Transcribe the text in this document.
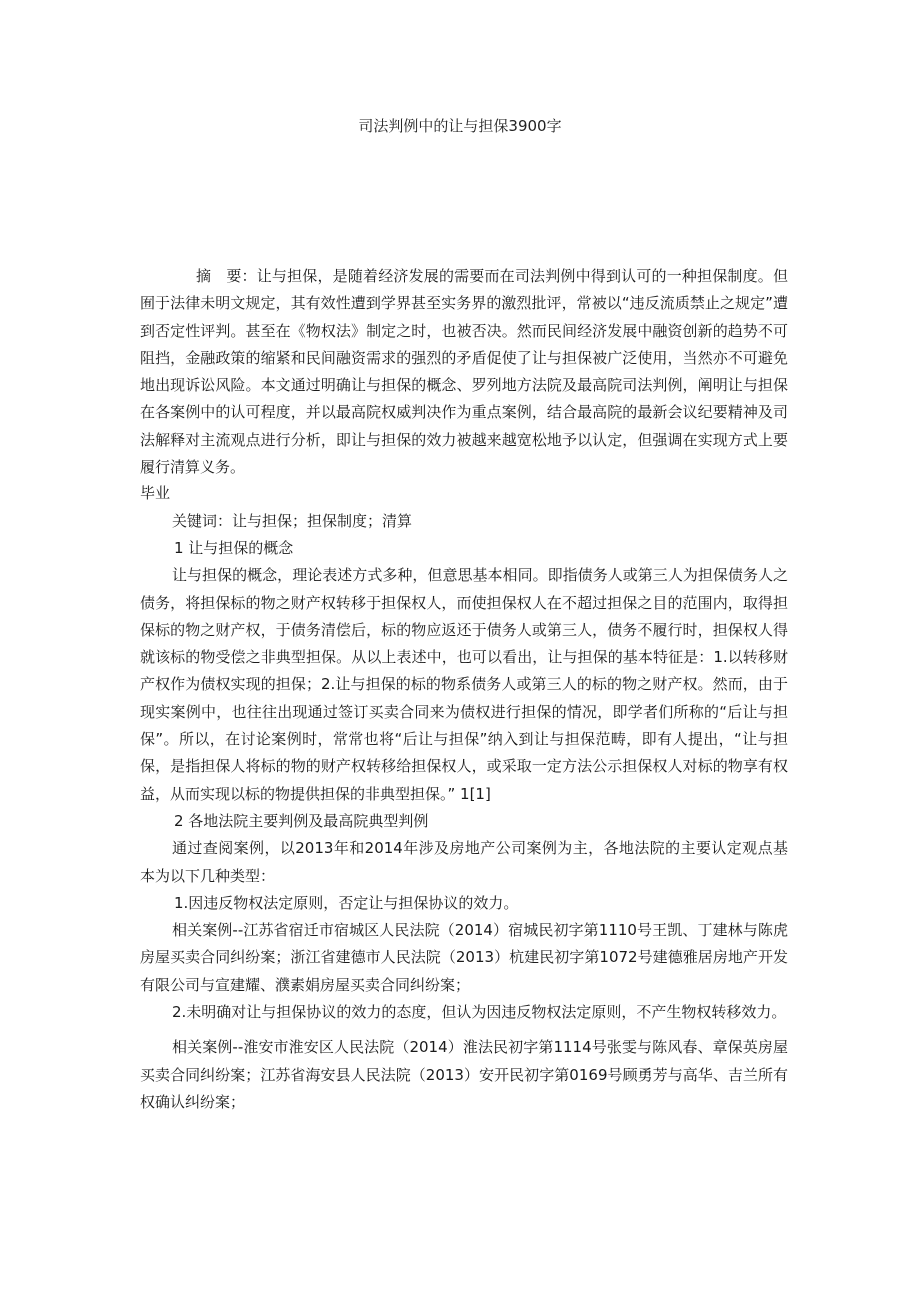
司法判例中的让与担保3900字

摘　要：让与担保，是随着经济发展的需要而在司法判例中得到认可的一种担保制度。但囿于法律未明文规定，其有效性遭到学界甚至实务界的激烈批评，常被以“违反流质禁止之规定”遭到否定性评判。甚至在《物权法》制定之时，也被否决。然而民间经济发展中融资创新的趋势不可阻挡，金融政策的缩紧和民间融资需求的强烈的矛盾促使了让与担保被广泛使用，当然亦不可避免地出现诉讼风险。本文通过明确让与担保的概念、罗列地方法院及最高院司法判例，阐明让与担保在各案例中的认可程度，并以最高院权威判决作为重点案例，结合最高院的最新会议纪要精神及司法解释对主流观点进行分析，即让与担保的效力被越来越宽松地予以认定，但强调在实现方式上要履行清算义务。

毕业

关键词：让与担保；担保制度；清算

1 让与担保的概念

让与担保的概念，理论表述方式多种，但意思基本相同。即指债务人或第三人为担保债务人之债务，将担保标的物之财产权转移于担保权人，而使担保权人在不超过担保之目的范围内，取得担保标的物之财产权，于债务清偿后，标的物应返还于债务人或第三人，债务不履行时，担保权人得就该标的物受偿之非典型担保。从以上表述中，也可以看出，让与担保的基本特征是：1.以转移财产权作为债权实现的担保；2.让与担保的标的物系债务人或第三人的标的物之财产权。然而，由于现实案例中，也往往出现通过签订买卖合同来为债权进行担保的情况，即学者们所称的“后让与担保”。所以，在讨论案例时，常常也将“后让与担保”纳入到让与担保范畴，即有人提出，“让与担保，是指担保人将标的物的财产权转移给担保权人，或采取一定方法公示担保权人对标的物享有权益，从而实现以标的物提供担保的非典型担保。” 1[1]

2 各地法院主要判例及最高院典型判例

通过查阅案例，以2013年和2014年涉及房地产公司案例为主，各地法院的主要认定观点基本为以下几种类型：

1.因违反物权法定原则，否定让与担保协议的效力。

相关案例--江苏省宿迁市宿城区人民法院（2014）宿城民初字第1110号王凯、丁建林与陈虎房屋买卖合同纠纷案；浙江省建德市人民法院（2013）杭建民初字第1072号建德雅居房地产开发有限公司与宣建耀、濮素娟房屋买卖合同纠纷案；

2.未明确对让与担保协议的效力的态度，但认为因违反物权法定原则，不产生物权转移效力。

相关案例--淮安市淮安区人民法院（2014）淮法民初字第1114号张雯与陈风春、章保英房屋买卖合同纠纷案；江苏省海安县人民法院（2013）安开民初字第0169号顾勇芳与高华、吉兰所有权确认纠纷案；
